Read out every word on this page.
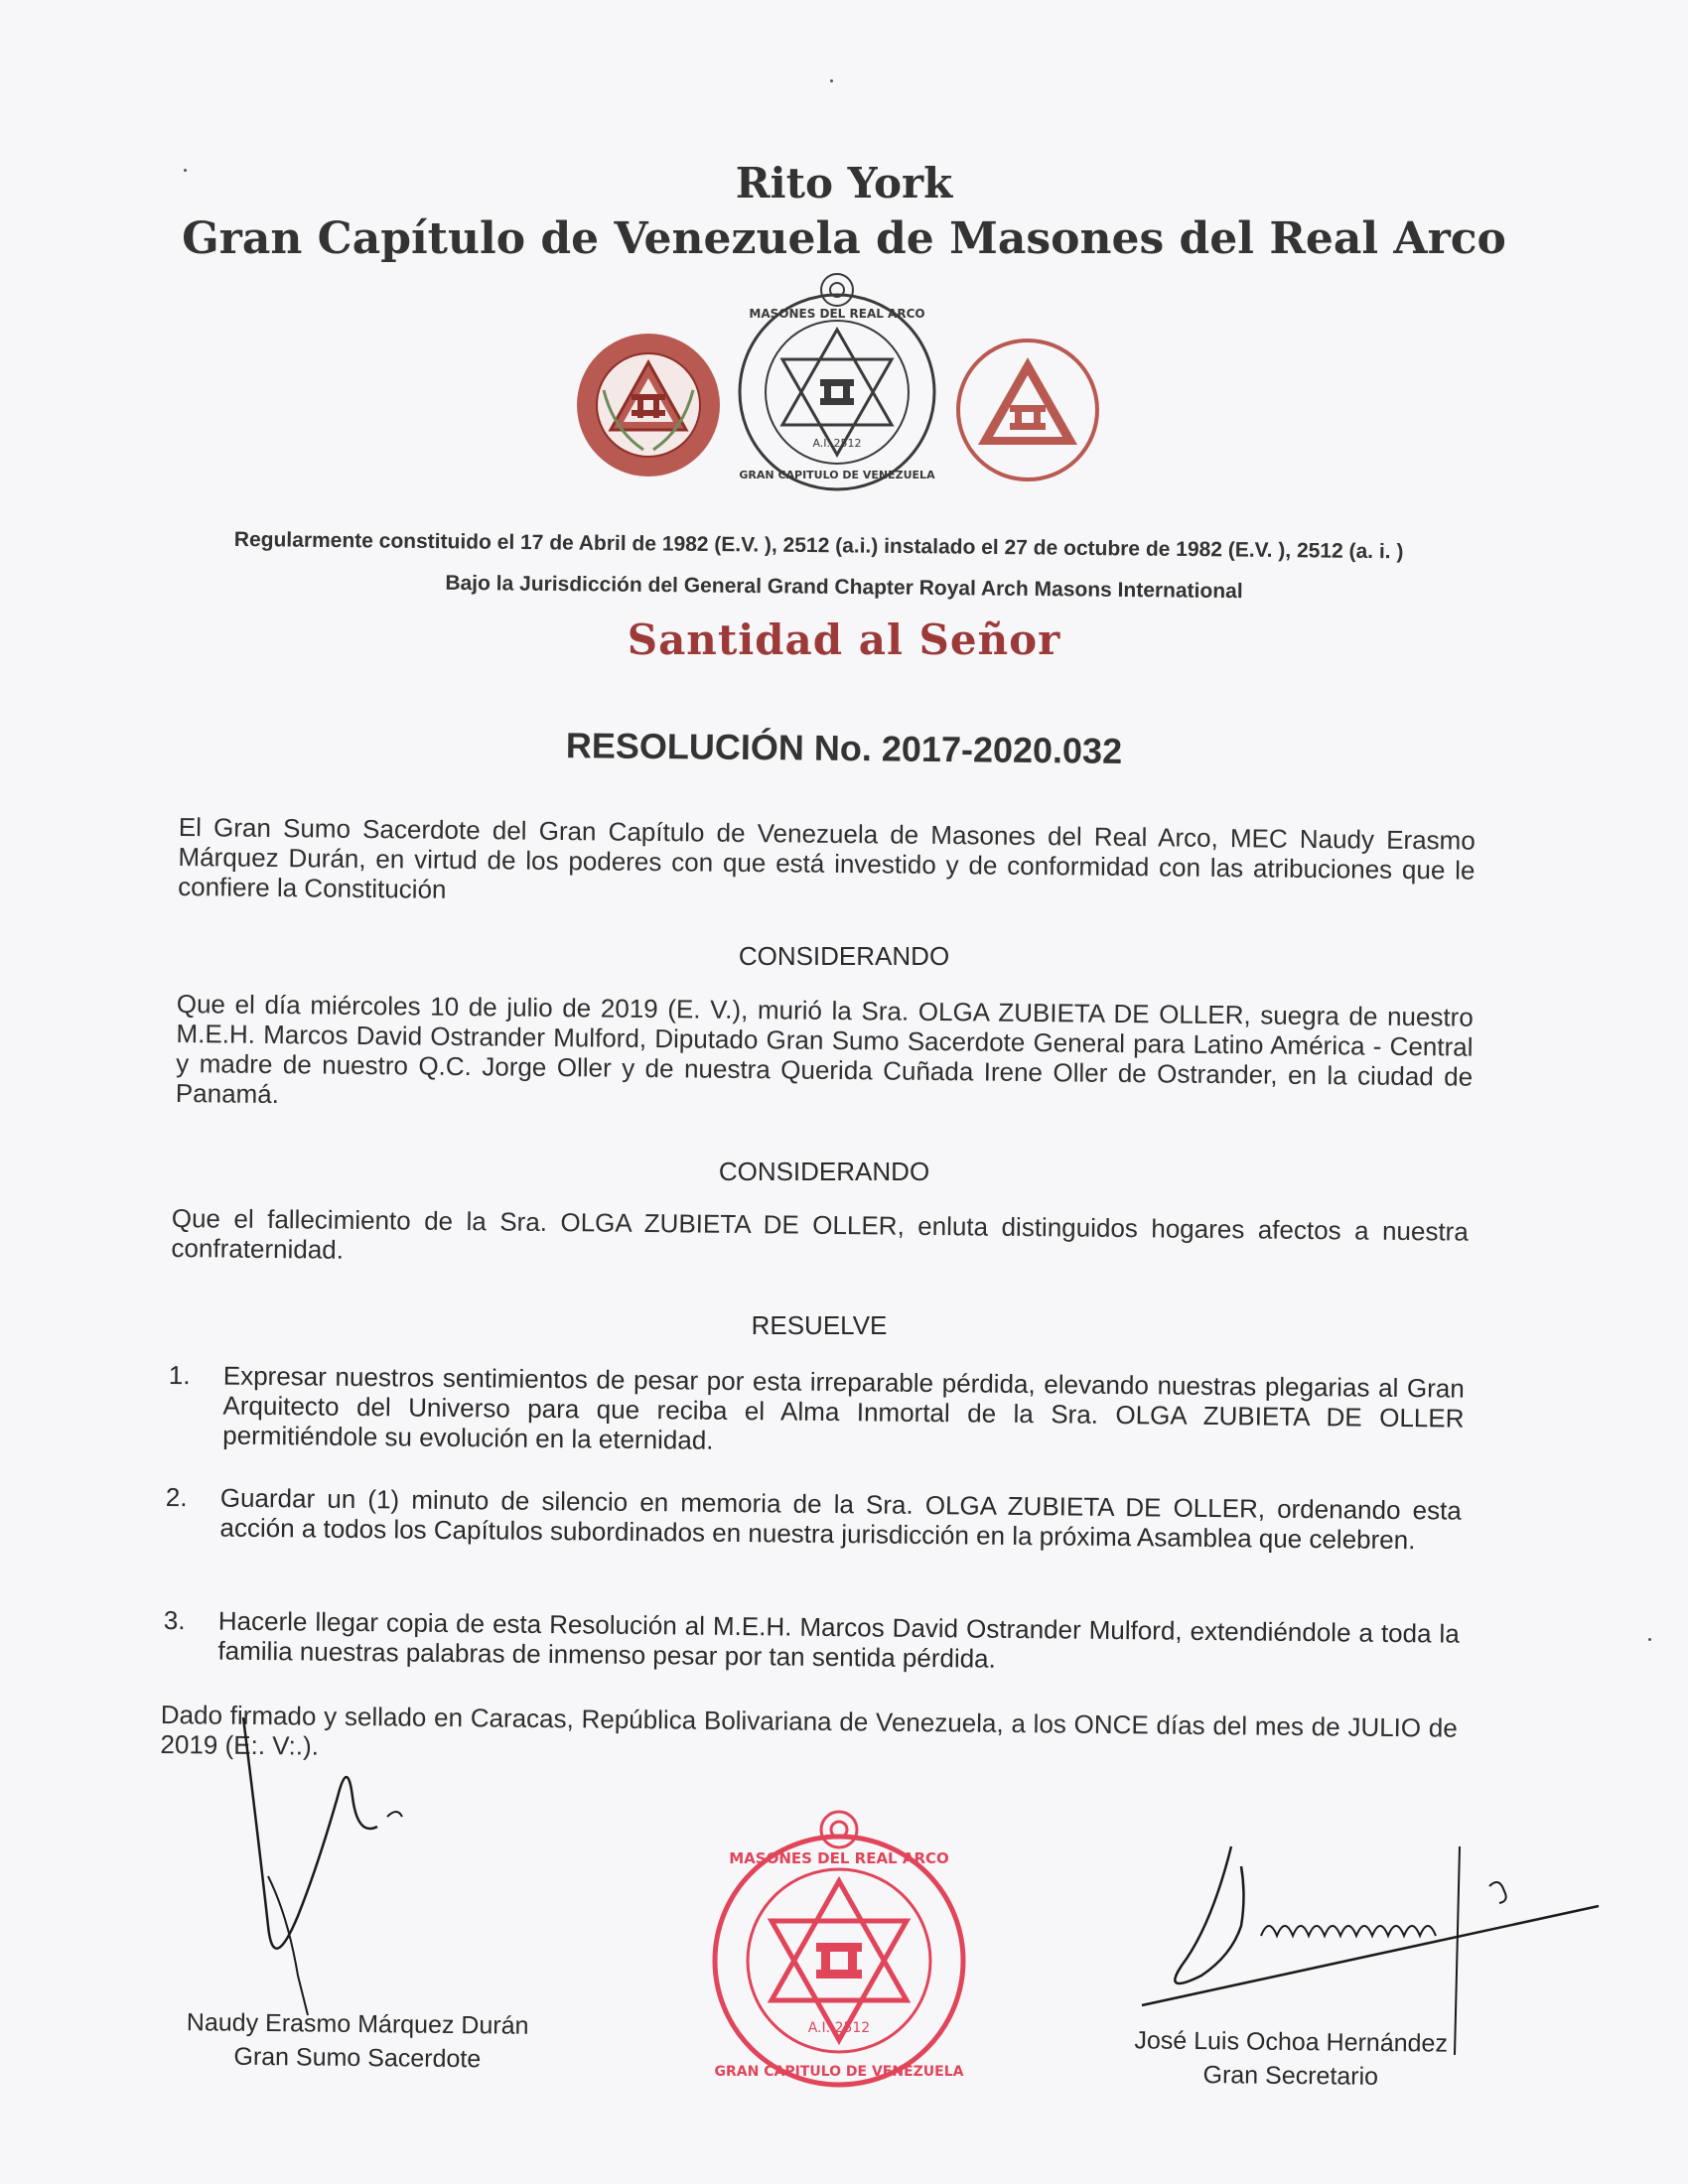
Rito York
Gran Capítulo de Venezuela de Masones del Real Arco
MASONES DEL REAL ARCO
GRAN CAPITULO DE VENEZUELA
A.I. 2512
Regularmente constituido el 17 de Abril de 1982 (E.V. ), 2512 (a.i.) instalado el 27 de octubre de 1982 (E.V. ), 2512 (a. i. )
Bajo la Jurisdicción del General Grand Chapter Royal Arch Masons International
Santidad al Señor
RESOLUCIÓN No. 2017-2020.032
El Gran Sumo Sacerdote del Gran Capítulo de Venezuela de Masones del Real Arco, MEC Naudy Erasmo Márquez Durán, en virtud de los poderes con que está investido y de conformidad con las atribuciones que le confiere la Constitución
CONSIDERANDO
Que el día miércoles 10 de julio de 2019 (E. V.), murió la Sra. OLGA ZUBIETA DE OLLER, suegra de nuestro M.E.H. Marcos David Ostrander Mulford, Diputado Gran Sumo Sacerdote General para Latino América - Central y madre de nuestro Q.C. Jorge Oller y de nuestra Querida Cuñada Irene Oller de Ostrander, en la ciudad de Panamá.
CONSIDERANDO
Que el fallecimiento de la Sra. OLGA ZUBIETA DE OLLER, enluta distinguidos hogares afectos a nuestra confraternidad.
RESUELVE
1.	Expresar nuestros sentimientos de pesar por esta irreparable pérdida, elevando nuestras plegarias al Gran Arquitecto del Universo para que reciba el Alma Inmortal de la Sra. OLGA ZUBIETA DE OLLER permitiéndole su evolución en la eternidad.
2.	Guardar un (1) minuto de silencio en memoria de la Sra. OLGA ZUBIETA DE OLLER, ordenando esta acción a todos los Capítulos subordinados en nuestra jurisdicción en la próxima Asamblea que celebren.
3.	Hacerle llegar copia de esta Resolución al M.E.H. Marcos David Ostrander Mulford, extendiéndole a toda la familia nuestras palabras de inmenso pesar por tan sentida pérdida.
Dado firmado y sellado en Caracas, República Bolivariana de Venezuela, a los ONCE días del mes de JULIO de 2019 (E:. V:.).
Naudy Erasmo Márquez Durán
Gran Sumo Sacerdote
MASONES DEL REAL ARCO
GRAN CAPITULO DE VENEZUELA
A.I. 2512	José Luis Ochoa Hernández
Gran Secretario
